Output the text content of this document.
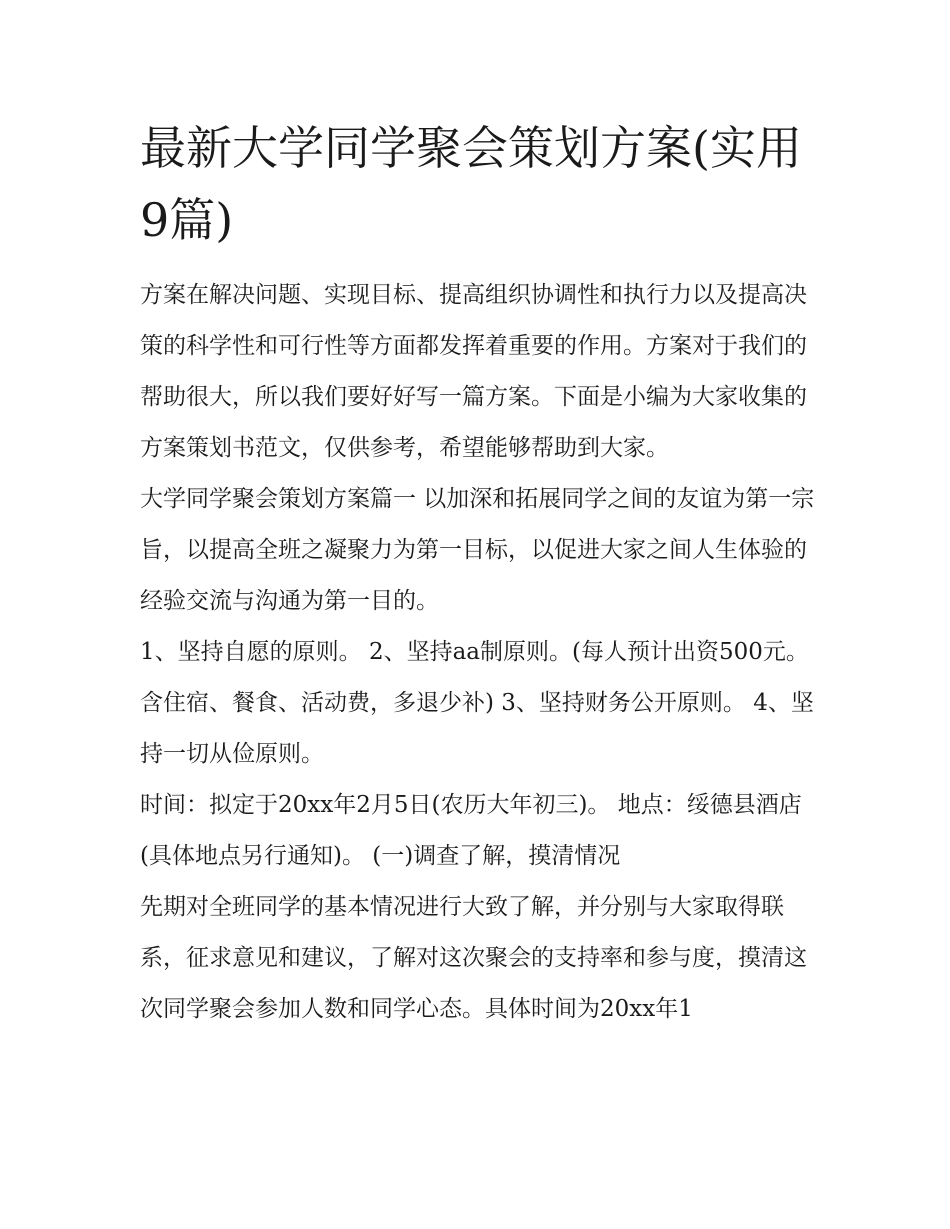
最新大学同学聚会策划方案(实用9篇)

方案在解决问题、实现目标、提高组织协调性和执行力以及提高决策的科学性和可行性等方面都发挥着重要的作用。方案对于我们的帮助很大，所以我们要好好写一篇方案。下面是小编为大家收集的方案策划书范文，仅供参考，希望能够帮助到大家。

大学同学聚会策划方案篇一 以加深和拓展同学之间的友谊为第一宗旨，以提高全班之凝聚力为第一目标，以促进大家之间人生体验的经验交流与沟通为第一目的。

1、坚持自愿的原则。 2、坚持aa制原则。(每人预计出资500元。含住宿、餐食、活动费，多退少补) 3、坚持财务公开原则。 4、坚持一切从俭原则。

时间：拟定于20xx年2月5日(农历大年初三)。 地点：绥德县酒店(具体地点另行通知)。 (一)调查了解，摸清情况

先期对全班同学的基本情况进行大致了解，并分别与大家取得联系，征求意见和建议，了解对这次聚会的支持率和参与度，摸清这次同学聚会参加人数和同学心态。具体时间为20xx年1
